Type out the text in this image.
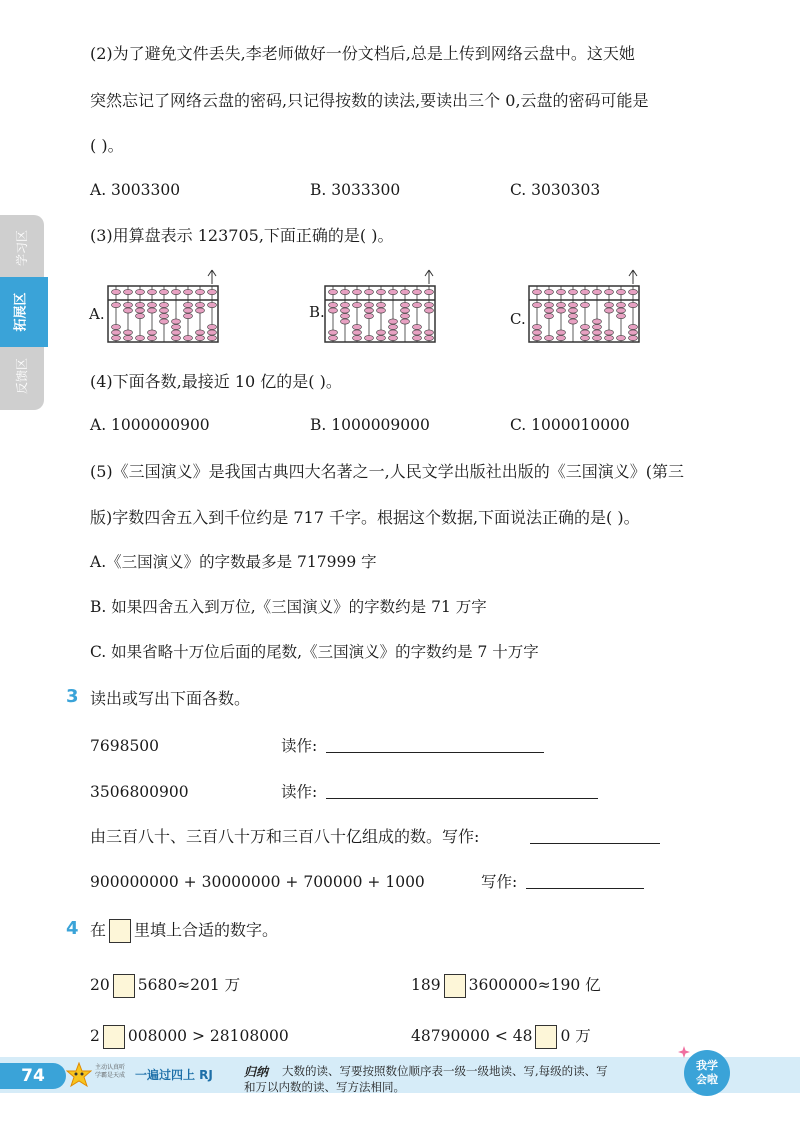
学习区
拓展区
反馈区
(2)为了避免文件丢失,李老师做好一份文档后,总是上传到网络云盘中。这天她
突然忘记了网络云盘的密码,只记得按数的读法,要读出三个 0,云盘的密码可能是
( )。
A. 3003300	B. 3033300	C. 3030303
(3)用算盘表示 123705,下面正确的是( )。
A.	B.	C.
(4)下面各数,最接近 10 亿的是( )。
A. 1000000900	B. 1000009000	C. 1000010000
(5)《三国演义》是我国古典四大名著之一,人民文学出版社出版的《三国演义》(第三
版)字数四舍五入到千位约是 717 千字。根据这个数据,下面说法正确的是( )。
A.《三国演义》的字数最多是 717999 字
B. 如果四舍五入到万位,《三国演义》的字数约是 71 万字
C. 如果省略十万位后面的尾数,《三国演义》的字数约是 7 十万字
3 读出或写出下面各数。
7698500	读作:
3506800900	读作:
由三百八十、三百八十万和三百八十亿组成的数。写作:
900000000 + 30000000 + 700000 + 1000	写作:
4 在 里填上合适的数字。
20 5680≈201 万	189 3600000≈190 亿
2 008000 > 28108000	48790000 < 48 0 万
74	主动认真听
学霸是天成 一遍过四上 RJ	归纳 大数的读、写要按照数位顺序表一级一级地读、写,每级的读、写
和万以内数的读、写方法相同。
我学
会啦
